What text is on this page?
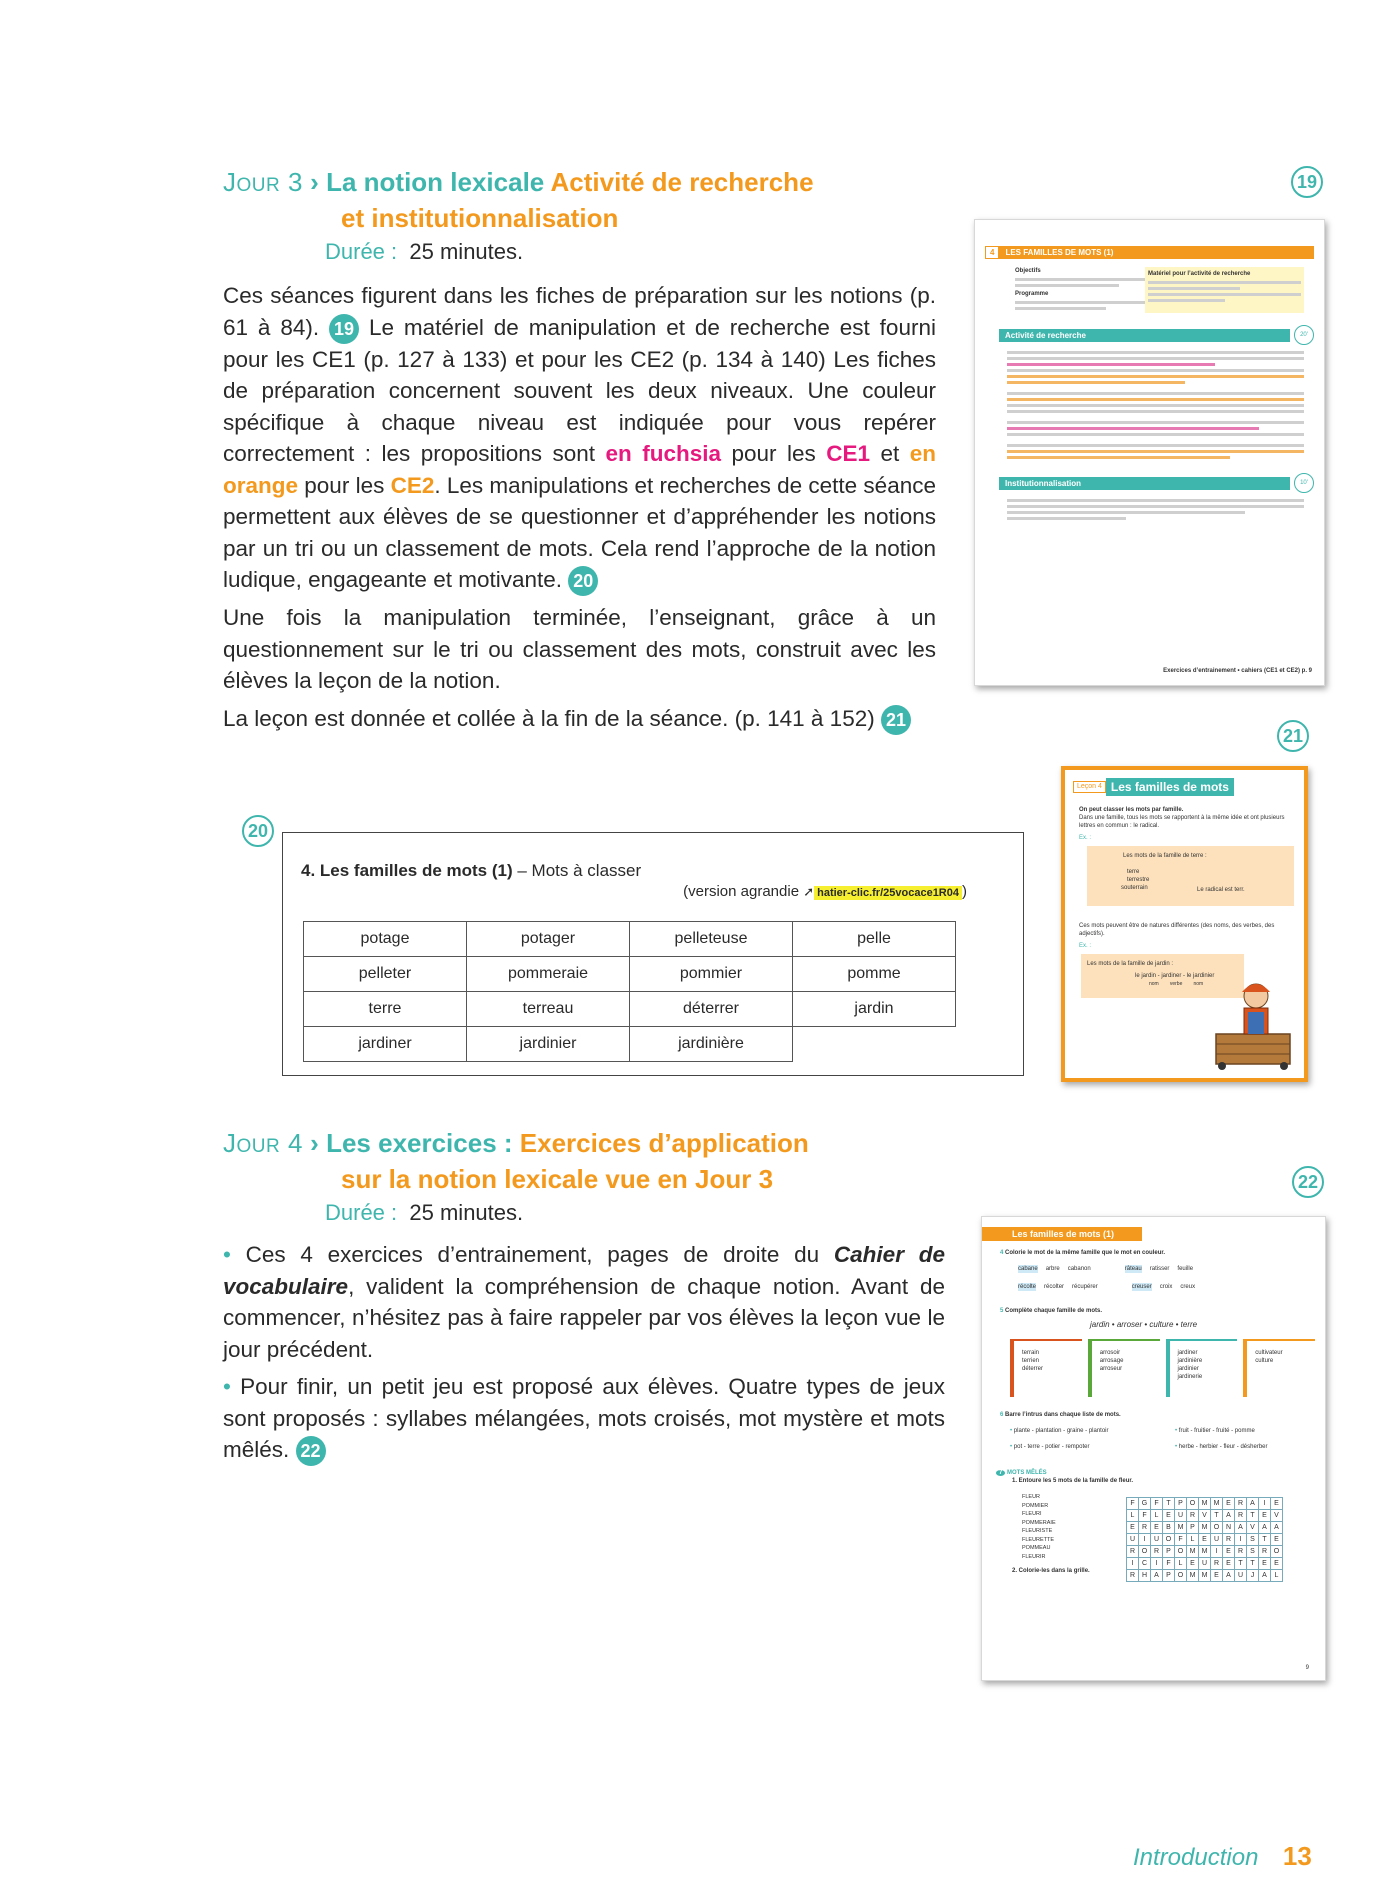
JOUR 3 › La notion lexicale Activité de recherche
et institutionnalisation
Durée : 25 minutes.

Ces séances figurent dans les fiches de préparation sur les notions (p. 61 à 84). 19 Le matériel de manipulation et de recherche est fourni pour les CE1 (p. 127 à 133) et pour les CE2 (p. 134 à 140) Les fiches de préparation concernent souvent les deux niveaux. Une couleur spécifique à chaque niveau est indiquée pour vous repérer correctement : les propositions sont en fuchsia pour les CE1 et en orange pour les CE2. Les manipulations et recherches de cette séance permettent aux élèves de se questionner et d’appréhender les notions par un tri ou un classement de mots. Cela rend l’approche de la notion ludique, engageante et motivante. 20

Une fois la manipulation terminée, l’enseignant, grâce à un questionnement sur le tri ou classement des mots, construit avec les élèves la leçon de la notion.

La leçon est donnée et collée à la fin de la séance. (p. 141 à 152) 21

19
4	LES FAMILLES DE MOTS (1)
Objectifs
Programme
Matériel pour l’activité de recherche
Activité de recherche	20'
Institutionnalisation	10'
Exercices d’entrainement • cahiers (CE1 et CE2) p. 9
21
Leçon 4 Les familles de mots
On peut classer les mots par famille.
Dans une famille, tous les mots se rapportent à la même idée et ont plusieurs lettres en commun : le radical.
Ex. :
Les mots de la famille de terre :
terre
terrestre
souterrain	Le radical est terr.
Ces mots peuvent être de natures différentes (des noms, des verbes, des adjectifs).
Ex. :
Les mots de la famille de jardin :
le jardin - jardiner - le jardinier
nom verbe nom
20
4. Les familles de mots (1) – Mots à classer
(version agrandie ➚ hatier-clic.fr/25vocace1R04 )
potage	potager	pelleteuse	pelle
pelleter	pommeraie	pommier	pomme
terre	terreau	déterrer	jardin
jardiner	jardinier	jardinière	
JOUR 4 › Les exercices : Exercices d’application
sur la notion lexicale vue en Jour 3
Durée : 25 minutes.

• Ces 4 exercices d’entrainement, pages de droite du Cahier de vocabulaire, valident la compréhension de chaque notion. Avant de commencer, n’hésitez pas à faire rappeler par vos élèves la leçon vue le jour précédent.

• Pour finir, un petit jeu est proposé aux élèves. Quatre types de jeux sont proposés : syllabes mélangées, mots croisés, mot mystère et mots mêlés. 22

22
Les familles de mots (1)
4 Colorie le mot de la même famille que le mot en couleur.
cabane arbre cabanon	râteau ratisser feuille
récolte récolter récupérer	creuser croix creux
5 Complète chaque famille de mots.
jardin • arroser • culture • terre
terrain
terrien
déterrer
arrosoir
arrosage
arroseur
jardiner
jardinière
jardinier
jardinerie
cultivateur
culture
6 Barre l’intrus dans chaque liste de mots.
• plante - plantation - graine - plantoir	• fruit - fruitier - fruité - pomme
• pot - terre - potier - rempoter	• herbe - herbier - fleur - désherber
7 MOTS MÊLÉS
1. Entoure les 5 mots de la famille de fleur.
FLEUR
POMMIER
FLEURI
POMMERAIE
FLEURISTE
FLEURETTE
POMMEAU
FLEURIR
2. Colorie-les dans la grille.
F	G	F	T	P	O	M	M	E	R	A	I	E
L	F	L	E	U	R	V	T	A	R	T	E	V
E	R	E	B	M	P	M	O	N	A	V	A	A
U	I	U	O	F	L	E	U	R	I	S	T	E
R	O	R	P	O	M	M	I	E	R	S	R	O
I	C	I	F	L	E	U	R	E	T	T	E	E
R	H	A	P	O	M	M	E	A	U	J	A	L
9
Introduction 13
